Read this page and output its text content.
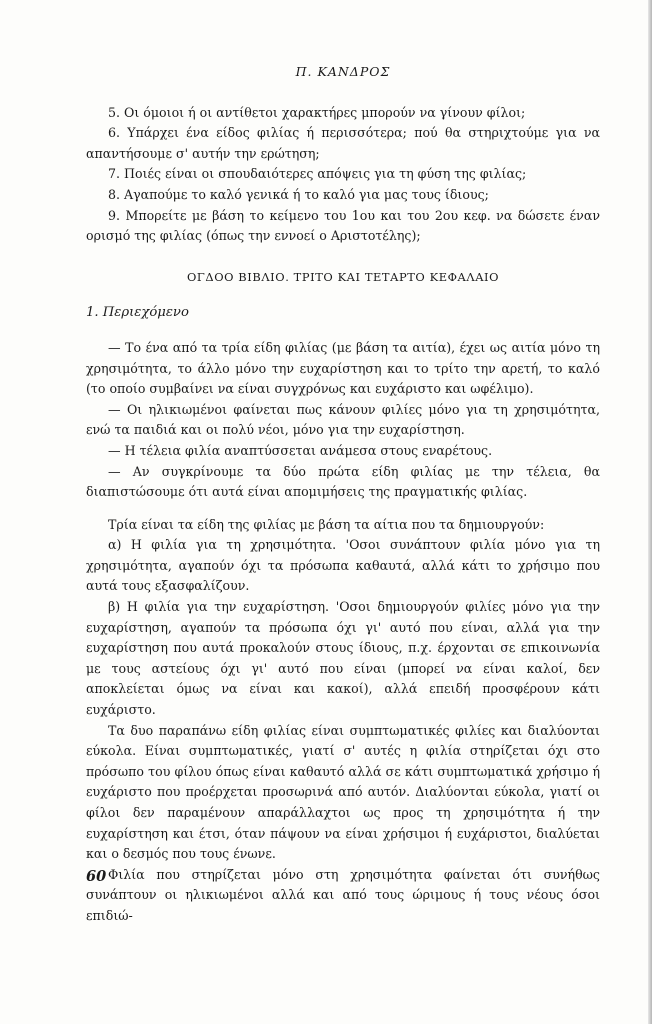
Π. ΚΑΝΔΡΟΣ

5. Οι όμοιοι ή οι αντίθετοι χαρακτήρες μπορούν να γίνουν φίλοι;

6. Υπάρχει ένα είδος φιλίας ή περισσότερα; πού θα στηριχτούμε για να απαντήσουμε σ' αυτήν την ερώτηση;

7. Ποιές είναι οι σπουδαιότερες απόψεις για τη φύση της φιλίας;

8. Αγαπούμε το καλό γενικά ή το καλό για μας τους ίδιους;

9. Μπορείτε με βάση το κείμενο του 1ου και του 2ου κεφ. να δώσετε έναν ορισμό της φιλίας (όπως την εννοεί ο Αριστοτέλης);

ΟΓΔΟΟ ΒΙΒΛΙΟ. ΤΡΙΤΟ ΚΑΙ ΤΕΤΑΡΤΟ ΚΕΦΑΛΑΙΟ
1. Περιεχόμενο

— Το ένα από τα τρία είδη φιλίας (με βάση τα αιτία), έχει ως αιτία μόνο τη χρησιμότητα, το άλλο μόνο την ευχαρίστηση και το τρίτο την αρετή, το καλό (το οποίο συμβαίνει να είναι συγχρόνως και ευχάριστο και ωφέλιμο).

— Οι ηλικιωμένοι φαίνεται πως κάνουν φιλίες μόνο για τη χρησιμότητα, ενώ τα παιδιά και οι πολύ νέοι, μόνο για την ευχαρίστηση.

— Η τέλεια φιλία αναπτύσσεται ανάμεσα στους εναρέτους.

— Αν συγκρίνουμε τα δύο πρώτα είδη φιλίας με την τέλεια, θα διαπιστώσουμε ότι αυτά είναι απομιμήσεις της πραγματικής φιλίας.

Τρία είναι τα είδη της φιλίας με βάση τα αίτια που τα δημιουργούν:

α) Η φιλία για τη χρησιμότητα. 'Οσοι συνάπτουν φιλία μόνο για τη χρησιμότητα, αγαπούν όχι τα πρόσωπα καθαυτά, αλλά κάτι το χρήσιμο που αυτά τους εξασφαλίζουν.

β) Η φιλία για την ευχαρίστηση. 'Οσοι δημιουργούν φιλίες μόνο για την ευχαρίστηση, αγαπούν τα πρόσωπα όχι γι' αυτό που είναι, αλλά για την ευχαρίστηση που αυτά προκαλούν στους ίδιους, π.χ. έρχονται σε επικοινωνία με τους αστείους όχι γι' αυτό που είναι (μπορεί να είναι καλοί, δεν αποκλείεται όμως να είναι και κακοί), αλλά επειδή προσφέρουν κάτι ευχάριστο.

Τα δυο παραπάνω είδη φιλίας είναι συμπτωματικές φιλίες και διαλύονται εύκολα. Είναι συμπτωματικές, γιατί σ' αυτές η φιλία στηρίζεται όχι στο πρόσωπο του φίλου όπως είναι καθαυτό αλλά σε κάτι συμπτωματικά χρήσιμο ή ευχάριστο που προέρχεται προσωρινά από αυτόν. Διαλύονται εύκολα, γιατί οι φίλοι δεν παραμένουν απαράλλαχτοι ως προς τη χρησιμότητα ή την ευχαρίστηση και έτσι, όταν πάψουν να είναι χρήσιμοι ή ευχάριστοι, διαλύεται και ο δεσμός που τους ένωνε.

Φιλία που στηρίζεται μόνο στη χρησιμότητα φαίνεται ότι συνήθως συνάπτουν οι ηλικιωμένοι αλλά και από τους ώριμους ή τους νέους όσοι επιδιώ-

60
